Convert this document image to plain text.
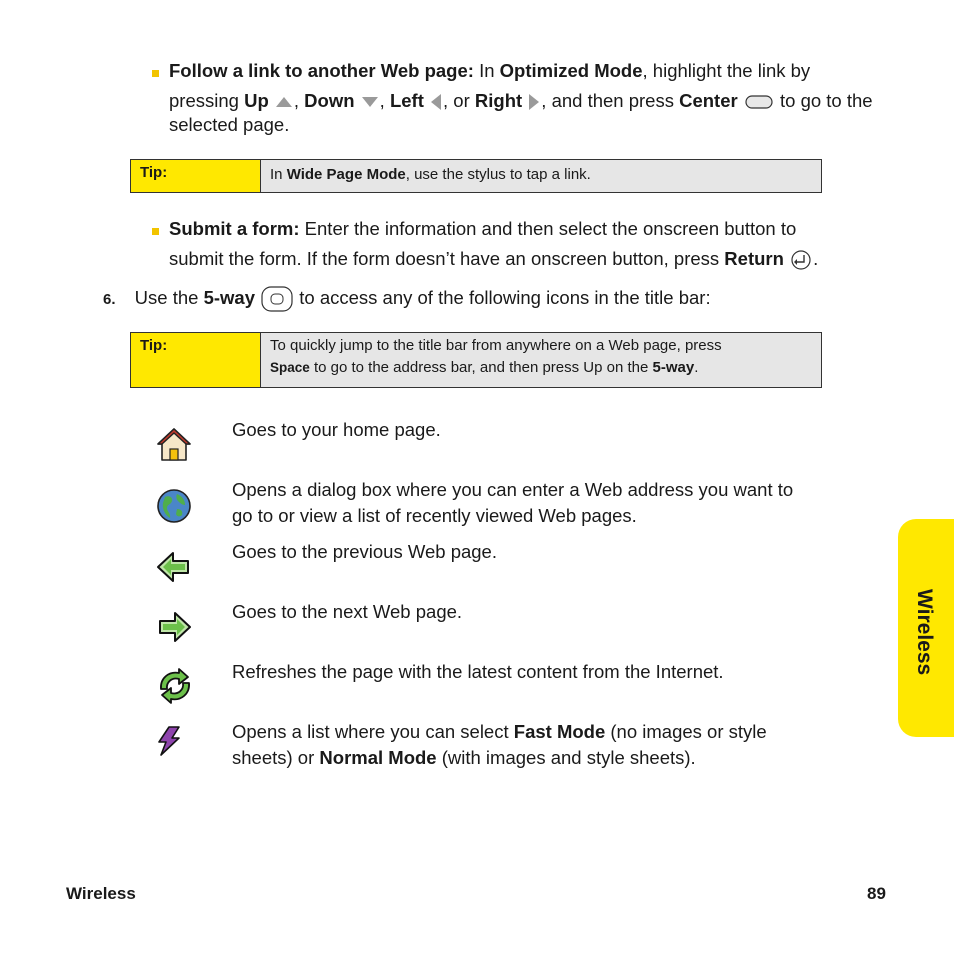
Follow a link to another Web page: In Optimized Mode, highlight the link by
pressing Up , Down , Left , or Right , and then press Center  to go to the
selected page.
Tip:	In Wide Page Mode, use the stylus to tap a link.
Submit a form: Enter the information and then select the onscreen button to
submit the form. If the form doesn’t have an onscreen button, press Return .
6. Use the 5-way  to access any of the following icons in the title bar:
Tip:	To quickly jump to the title bar from anywhere on a Web page, press
Space to go to the address bar, and then press Up on the 5-way.
Goes to your home page.
Opens a dialog box where you can enter a Web address you want to go to or view a list of recently viewed Web pages.
Goes to the previous Web page.
Goes to the next Web page.
Refreshes the page with the latest content from the Internet.
Opens a list where you can select Fast Mode (no images or style sheets) or Normal Mode (with images and style sheets).
Wireless
Wireless	89
